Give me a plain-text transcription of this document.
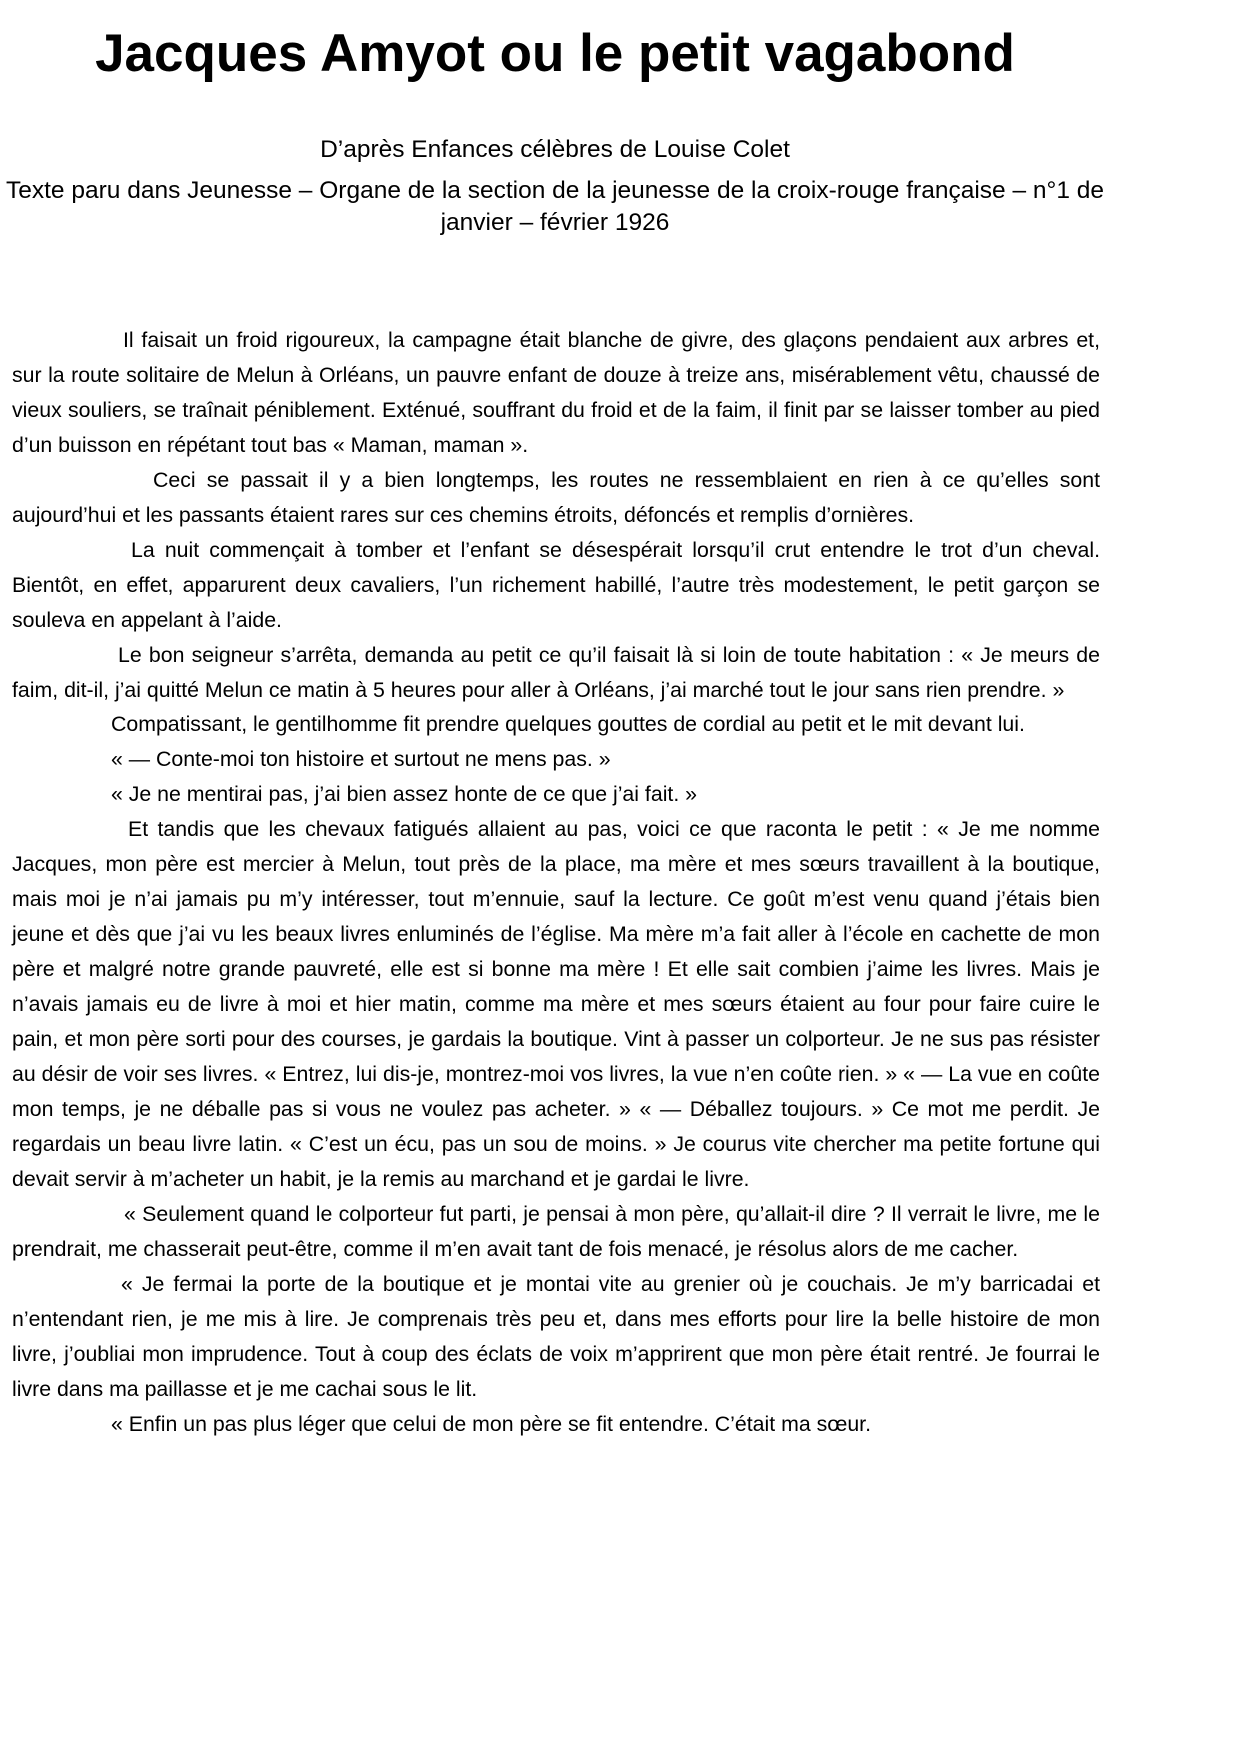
Jacques Amyot ou le petit vagabond

D’après Enfances célèbres de Louise Colet

Texte paru dans Jeunesse – Organe de la section de la jeunesse de la croix-rouge française – n°1 de janvier – février 1926

Il faisait un froid rigoureux, la campagne était blanche de givre, des glaçons pendaient aux arbres et, sur la route solitaire de Melun à Orléans, un pauvre enfant de douze à treize ans, misérablement vêtu, chaussé de vieux souliers, se traînait péniblement. Exténué, souffrant du froid et de la faim, il finit par se laisser tomber au pied d’un buisson en répétant tout bas « Maman, maman ».

Ceci se passait il y a bien longtemps, les routes ne ressemblaient en rien à ce qu’elles sont aujourd’hui et les passants étaient rares sur ces chemins étroits, défoncés et remplis d’ornières.

La nuit commençait à tomber et l’enfant se désespérait lorsqu’il crut entendre le trot d’un cheval. Bientôt, en effet, apparurent deux cavaliers, l’un richement habillé, l’autre très modestement, le petit garçon se souleva en appelant à l’aide.

Le bon seigneur s’arrêta, demanda au petit ce qu’il faisait là si loin de toute habitation : « Je meurs de faim, dit-il, j’ai quitté Melun ce matin à 5 heures pour aller à Orléans, j’ai marché tout le jour sans rien prendre. »

Compatissant, le gentilhomme fit prendre quelques gouttes de cordial au petit et le mit devant lui.

« — Conte-moi ton histoire et surtout ne mens pas. »

« Je ne mentirai pas, j’ai bien assez honte de ce que j’ai fait. »

Et tandis que les chevaux fatigués allaient au pas, voici ce que raconta le petit : « Je me nomme Jacques, mon père est mercier à Melun, tout près de la place, ma mère et mes sœurs travaillent à la boutique, mais moi je n’ai jamais pu m’y intéresser, tout m’ennuie, sauf la lecture. Ce goût m’est venu quand j’étais bien jeune et dès que j’ai vu les beaux livres enluminés de l’église. Ma mère m’a fait aller à l’école en cachette de mon père et malgré notre grande pauvreté, elle est si bonne ma mère ! Et elle sait combien j’aime les livres. Mais je n’avais jamais eu de livre à moi et hier matin, comme ma mère et mes sœurs étaient au four pour faire cuire le pain, et mon père sorti pour des courses, je gardais la boutique. Vint à passer un colporteur. Je ne sus pas résister au désir de voir ses livres. « Entrez, lui dis-je, montrez-moi vos livres, la vue n’en coûte rien. » « — La vue en coûte mon temps, je ne déballe pas si vous ne voulez pas acheter. » « — Déballez toujours. » Ce mot me perdit. Je regardais un beau livre latin. « C’est un écu, pas un sou de moins. » Je courus vite chercher ma petite fortune qui devait servir à m’acheter un habit, je la remis au marchand et je gardai le livre.

« Seulement quand le colporteur fut parti, je pensai à mon père, qu’allait-il dire ? Il verrait le livre, me le prendrait, me chasserait peut-être, comme il m’en avait tant de fois menacé, je résolus alors de me cacher.

« Je fermai la porte de la boutique et je montai vite au grenier où je couchais. Je m’y barricadai et n’entendant rien, je me mis à lire. Je comprenais très peu et, dans mes efforts pour lire la belle histoire de mon livre, j’oubliai mon imprudence. Tout à coup des éclats de voix m’apprirent que mon père était rentré. Je fourrai le livre dans ma paillasse et je me cachai sous le lit.

« Enfin un pas plus léger que celui de mon père se fit entendre. C’était ma sœur.
